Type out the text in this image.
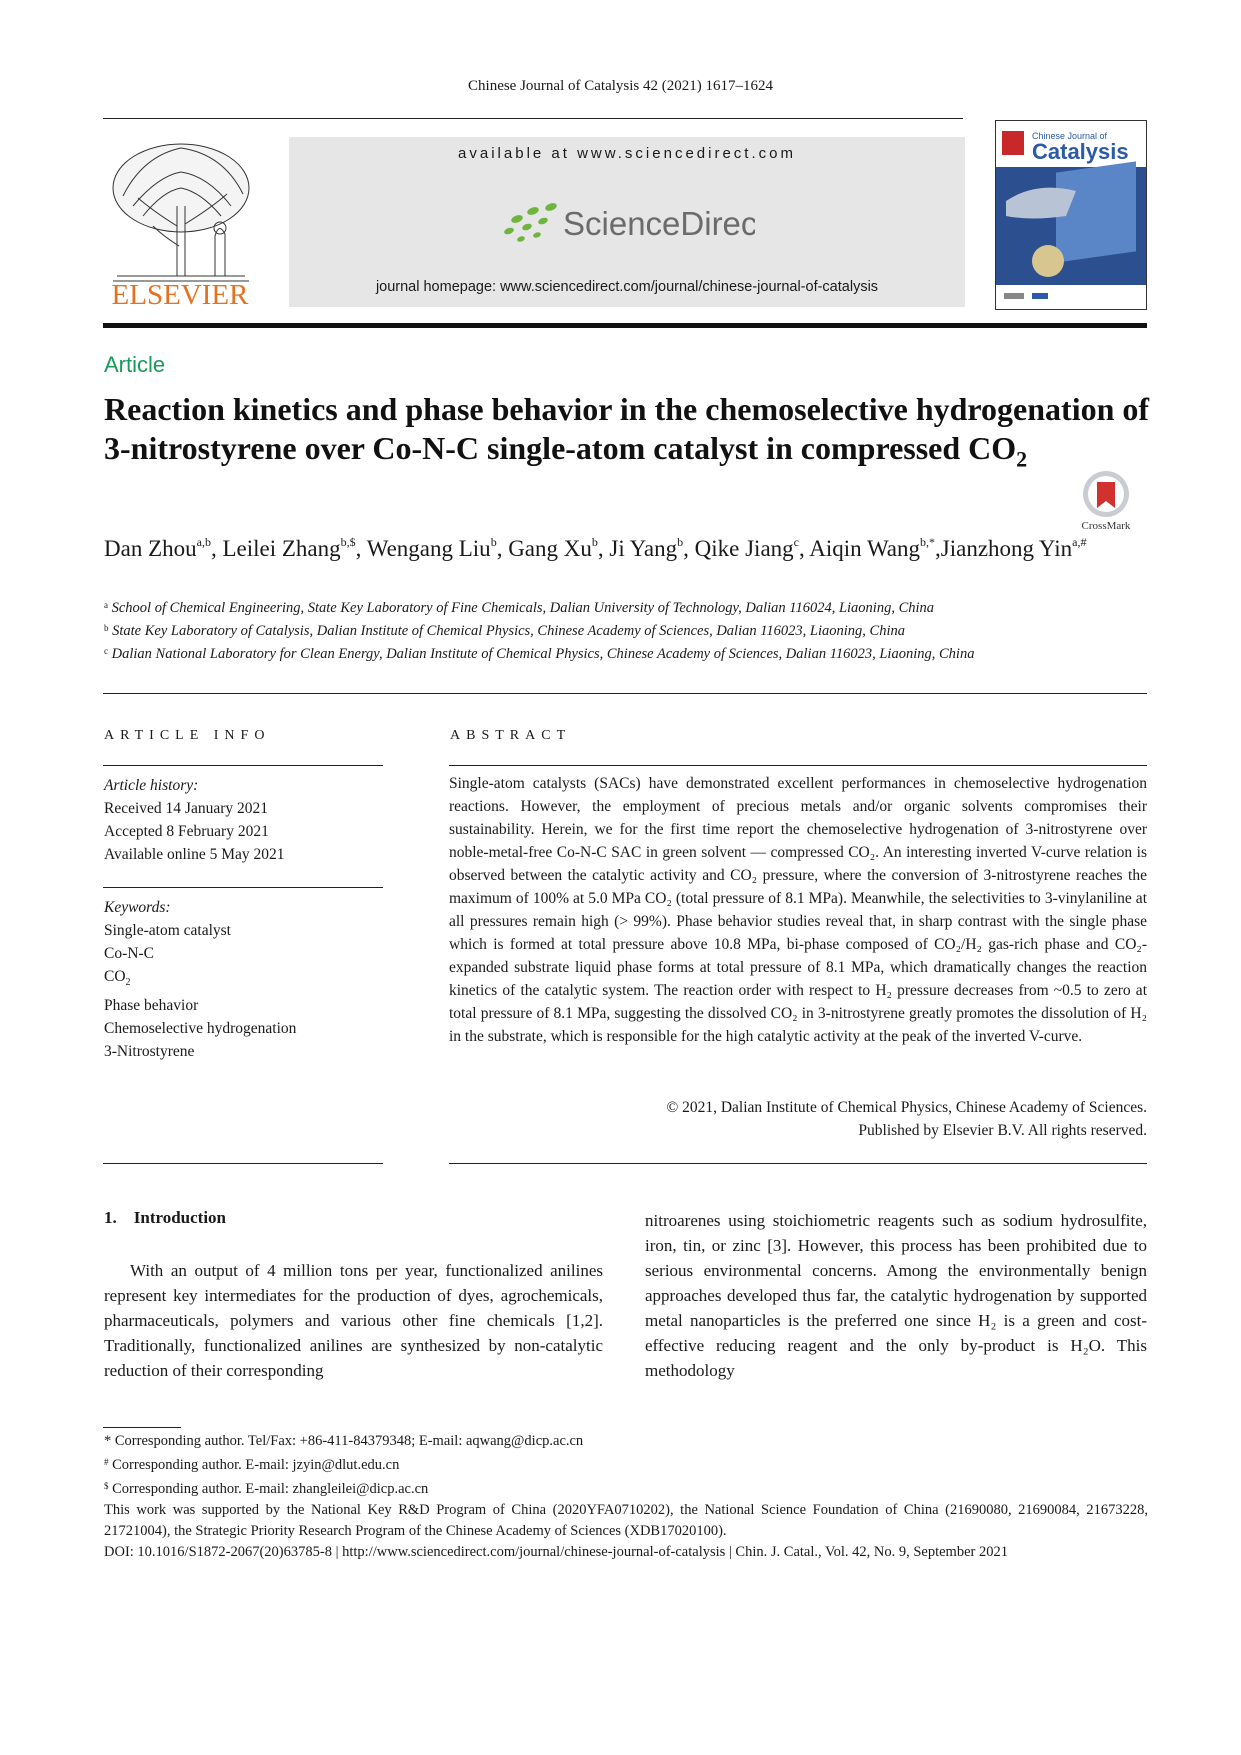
Chinese Journal of Catalysis 42 (2021) 1617–1624
ELSEVIER
available at www.sciencedirect.com
ScienceDirect
journal homepage: www.sciencedirect.com/journal/chinese-journal-of-catalysis
Chinese Journal of
Catalysis
Article
Reaction kinetics and phase behavior in the chemoselective hydrogenation of 3-nitrostyrene over Co-N-C single-atom catalyst in compressed $CO_2$
CrossMark
Dan Zhou$^{a,b}$, Leilei Zhang$^{b,\$}$, Wengang Liu$^b$, Gang Xu$^b$, Ji Yang$^b$, Qike Jiang$^c$, Aiqin Wang$^{b,*}$,Jianzhong Yin$^{a,\#}$
$^a$ School of Chemical Engineering, State Key Laboratory of Fine Chemicals, Dalian University of Technology, Dalian 116024, Liaoning, China
$^b$ State Key Laboratory of Catalysis, Dalian Institute of Chemical Physics, Chinese Academy of Sciences, Dalian 116023, Liaoning, China
$^c$ Dalian National Laboratory for Clean Energy, Dalian Institute of Chemical Physics, Chinese Academy of Sciences, Dalian 116023, Liaoning, China
ARTICLE INFO
Article history:
Received 14 January 2021
Accepted 8 February 2021
Available online 5 May 2021
Keywords:
Single-atom catalyst
Co-N-C
$CO_2$
Phase behavior
Chemoselective hydrogenation
3-Nitrostyrene
ABSTRACT
Single-atom catalysts (SACs) have demonstrated excellent performances in chemoselective hydrogenation reactions. However, the employment of precious metals and/or organic solvents compromises their sustainability. Herein, we for the first time report the chemoselective hydrogenation of 3-nitrostyrene over noble-metal-free Co-N-C SAC in green solvent — compressed CO₂. An interesting inverted V-curve relation is observed between the catalytic activity and CO₂ pressure, where the conversion of 3-nitrostyrene reaches the maximum of 100% at 5.0 MPa CO₂ (total pressure of 8.1 MPa). Meanwhile, the selectivities to 3-vinylaniline at all pressures remain high (> 99%). Phase behavior studies reveal that, in sharp contrast with the single phase which is formed at total pressure above 10.8 MPa, bi-phase composed of CO₂/H₂ gas-rich phase and CO₂-expanded substrate liquid phase forms at total pressure of 8.1 MPa, which dramatically changes the reaction kinetics of the catalytic system. The reaction order with respect to H₂ pressure decreases from ~0.5 to zero at total pressure of 8.1 MPa, suggesting the dissolved CO₂ in 3-nitrostyrene greatly promotes the dissolution of H₂ in the substrate, which is responsible for the high catalytic activity at the peak of the inverted V-curve.
© 2021, Dalian Institute of Chemical Physics, Chinese Academy of Sciences.
Published by Elsevier B.V. All rights reserved.
1.    Introduction
With an output of 4 million tons per year, functionalized anilines represent key intermediates for the production of dyes, agrochemicals, pharmaceuticals, polymers and various other fine chemicals [1,2]. Traditionally, functionalized anilines are synthesized by non-catalytic reduction of their corresponding
nitroarenes using stoichiometric reagents such as sodium hydrosulfite, iron, tin, or zinc [3]. However, this process has been prohibited due to serious environmental concerns. Among the environmentally benign approaches developed thus far, the catalytic hydrogenation by supported metal nanoparticles is the preferred one since H₂ is a green and cost-effective reducing reagent and the only by-product is H₂O. This methodology
* Corresponding author. Tel/Fax: +86-411-84379348; E-mail: aqwang@dicp.ac.cn
# Corresponding author. E-mail: jzyin@dlut.edu.cn
$ Corresponding author. E-mail: zhangleilei@dicp.ac.cn
This work was supported by the National Key R&D Program of China (2020YFA0710202), the National Science Foundation of China (21690080, 21690084, 21673228, 21721004), the Strategic Priority Research Program of the Chinese Academy of Sciences (XDB17020100).
DOI: 10.1016/S1872-2067(20)63785-8 | http://www.sciencedirect.com/journal/chinese-journal-of-catalysis | Chin. J. Catal., Vol. 42, No. 9, September 2021
